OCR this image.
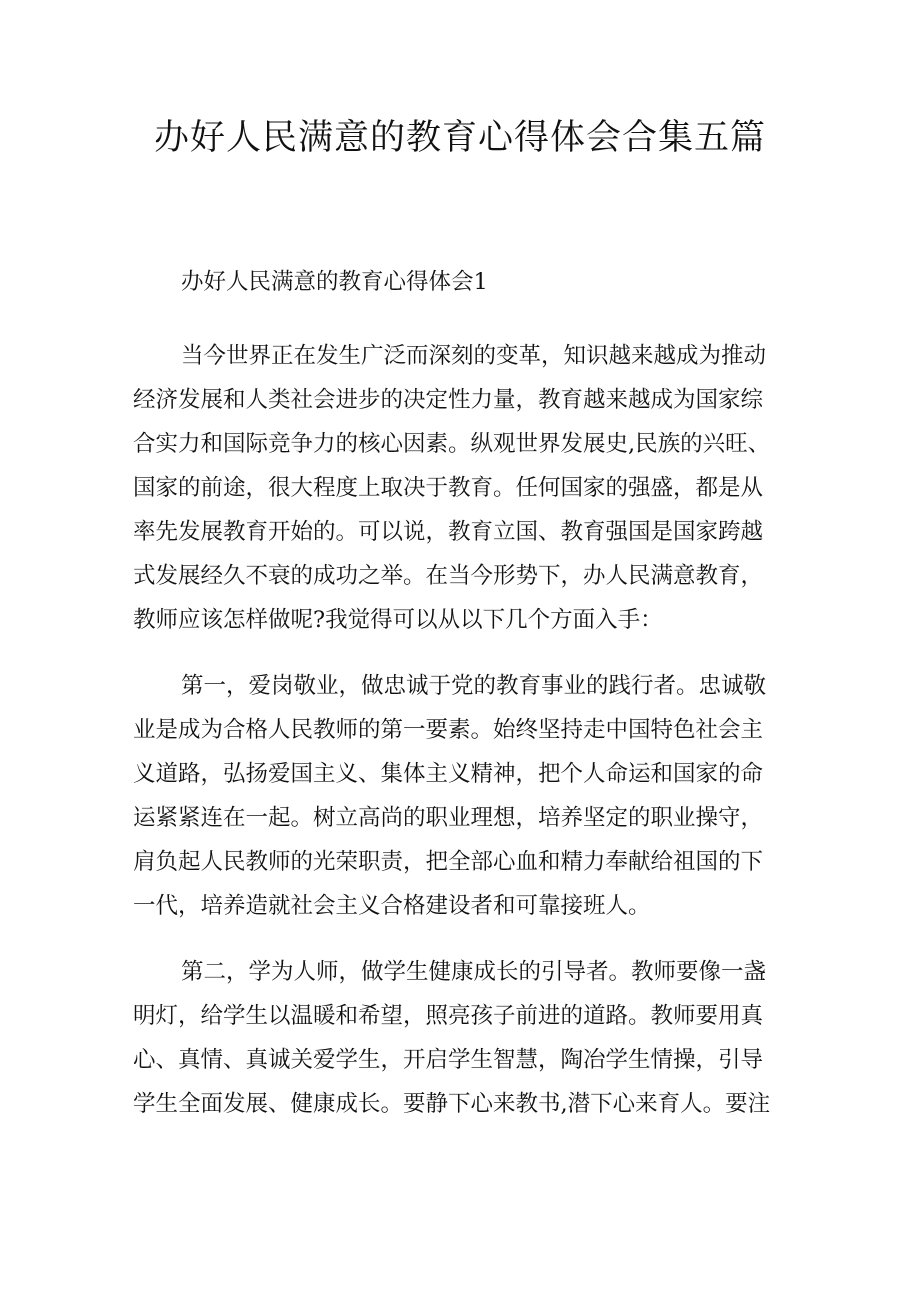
办好人民满意的教育心得体会合集五篇

办好人民满意的教育心得体会1

当今世界正在发生广泛而深刻的变革，知识越来越成为推动
经济发展和人类社会进步的决定性力量，教育越来越成为国家综
合实力和国际竞争力的核心因素。纵观世界发展史,民族的兴旺、
国家的前途，很大程度上取决于教育。任何国家的强盛，都是从
率先发展教育开始的。可以说，教育立国、教育强国是国家跨越
式发展经久不衰的成功之举。在当今形势下，办人民满意教育，
教师应该怎样做呢?我觉得可以从以下几个方面入手：

第一，爱岗敬业，做忠诚于党的教育事业的践行者。忠诚敬
业是成为合格人民教师的第一要素。始终坚持走中国特色社会主
义道路，弘扬爱国主义、集体主义精神，把个人命运和国家的命
运紧紧连在一起。树立高尚的职业理想，培养坚定的职业操守，
肩负起人民教师的光荣职责，把全部心血和精力奉献给祖国的下
一代，培养造就社会主义合格建设者和可靠接班人。

第二，学为人师，做学生健康成长的引导者。教师要像一盏
明灯，给学生以温暖和希望，照亮孩子前进的道路。教师要用真
心、真情、真诚关爱学生，开启学生智慧，陶冶学生情操，引导
学生全面发展、健康成长。要静下心来教书,潜下心来育人。要注
